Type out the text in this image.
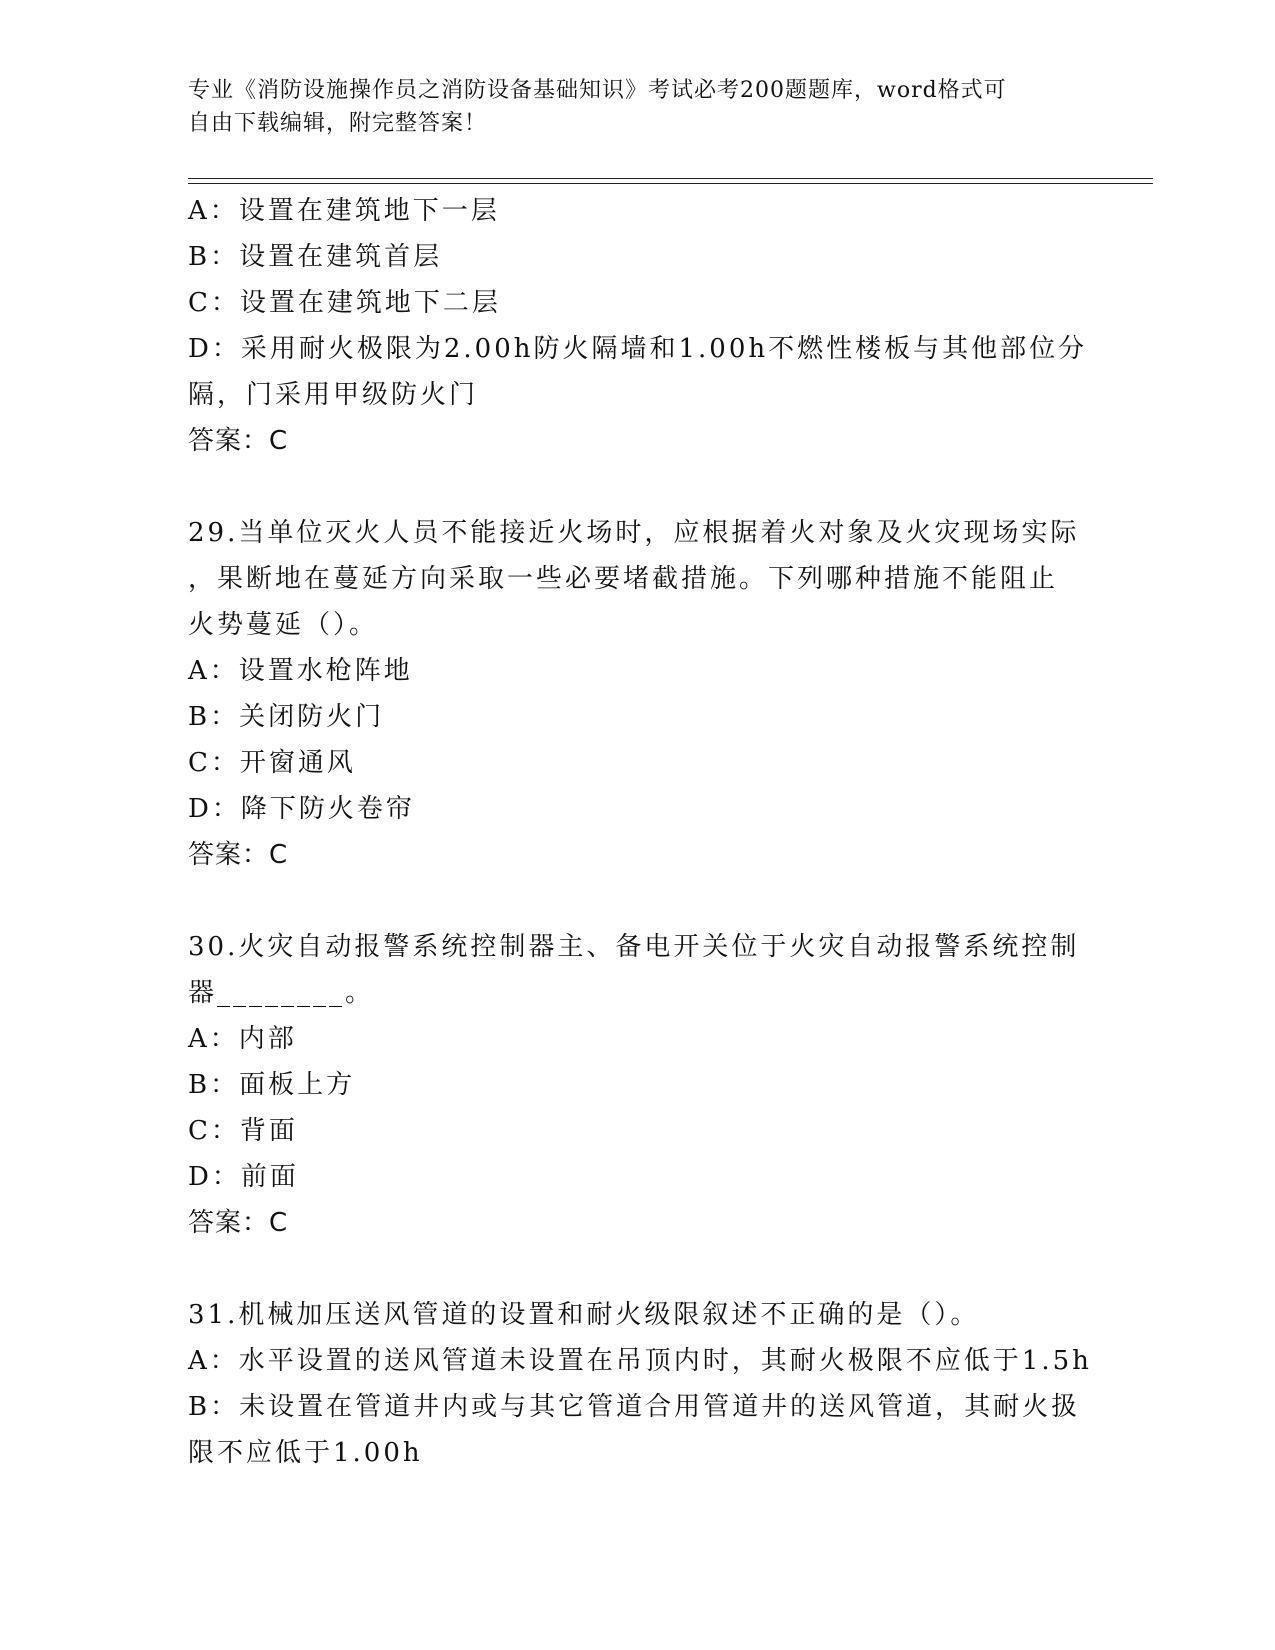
专业《消防设施操作员之消防设备基础知识》考试必考200题题库，word格式可
自由下载编辑，附完整答案！
A：设置在建筑地下一层
B：设置在建筑首层
C：设置在建筑地下二层
D：采用耐火极限为2.00h防火隔墙和1.00h不燃性楼板与其他部位分
隔，门采用甲级防火门
答案：C
29.当单位灭火人员不能接近火场时，应根据着火对象及火灾现场实际
，果断地在蔓延方向采取一些必要堵截措施。下列哪种措施不能阻止
火势蔓延（）。
A：设置水枪阵地
B：关闭防火门
C：开窗通风
D：降下防火卷帘
答案：C
30.火灾自动报警系统控制器主、备电开关位于火灾自动报警系统控制
器________。
A：内部
B：面板上方
C：背面
D：前面
答案：C
31.机械加压送风管道的设置和耐火级限叙述不正确的是（）。
A：水平设置的送风管道未设置在吊顶内时，其耐火极限不应低于1.5h
B：未设置在管道井内或与其它管道合用管道井的送风管道，其耐火扱
限不应低于1.00h
